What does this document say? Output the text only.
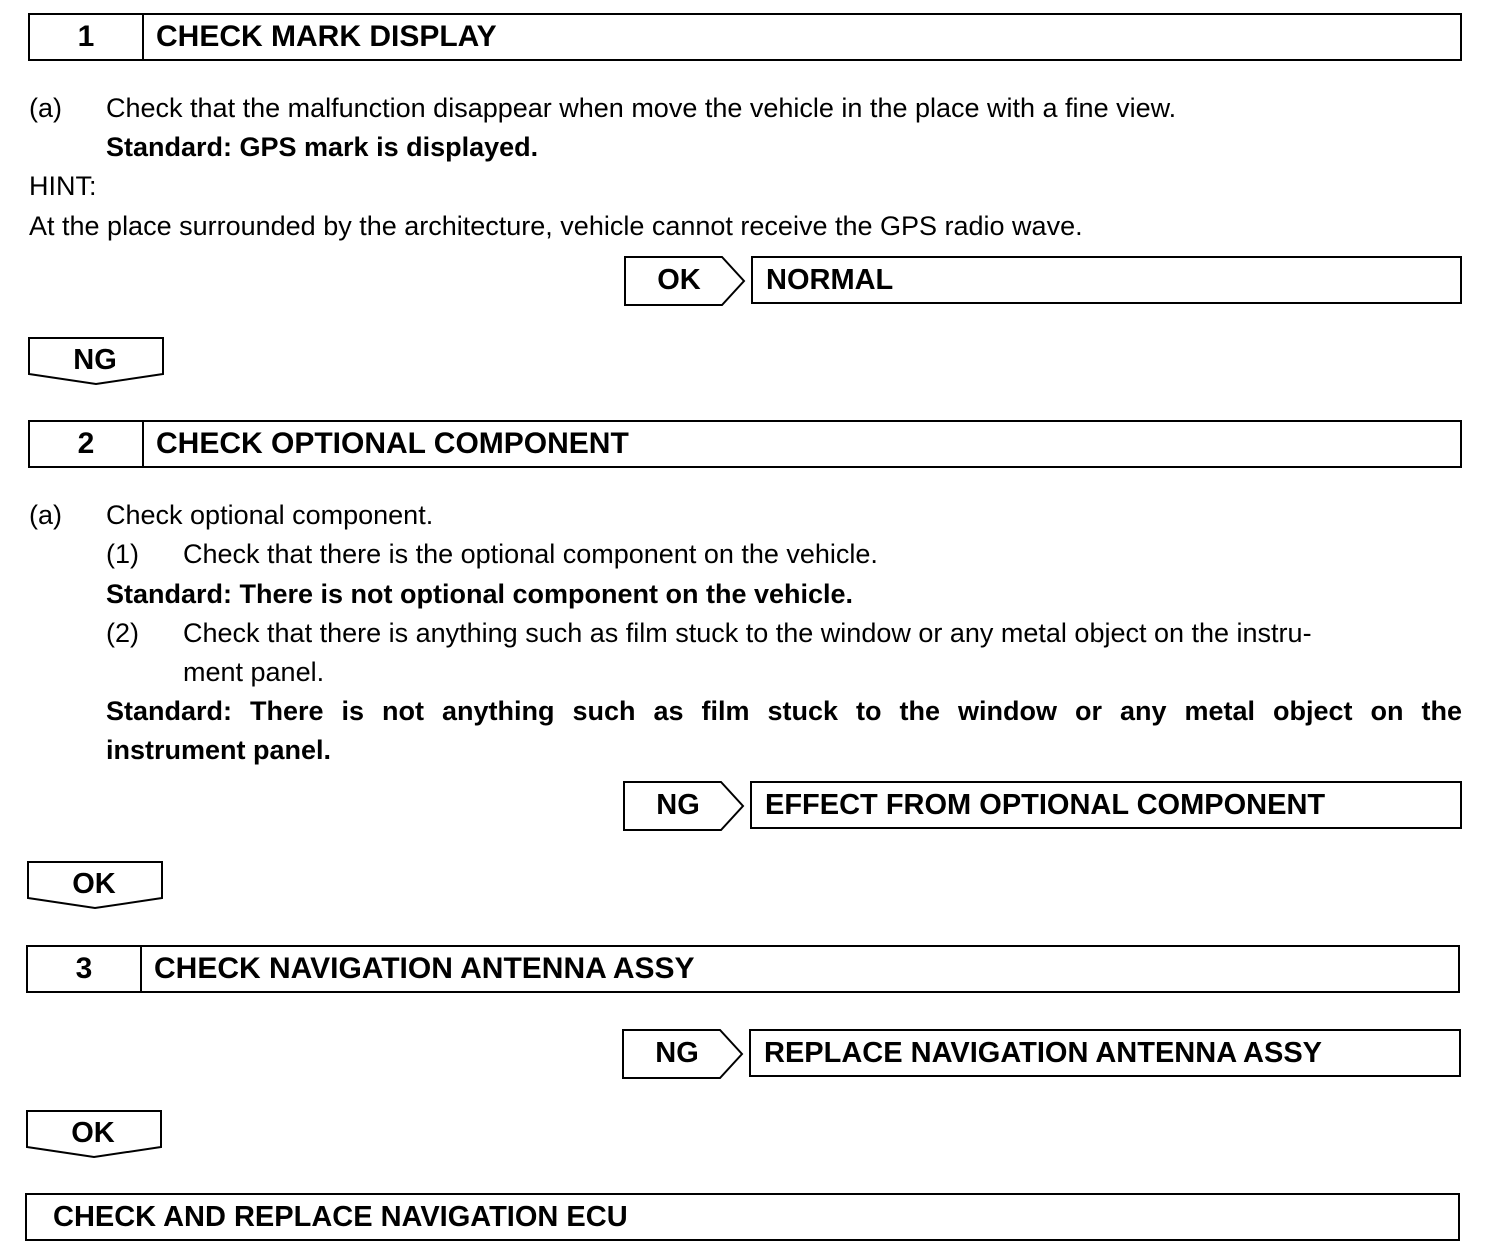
1	CHECK MARK DISPLAY
(a) Check that the malfunction disappear when move the vehicle in the place with a fine view.
Standard: GPS mark is displayed.
HINT:
At the place surrounded by the architecture, vehicle cannot receive the GPS radio wave.
OK	NORMAL
NG
2	CHECK OPTIONAL COMPONENT
(a) Check optional component.
(1) Check that there is the optional component on the vehicle.
Standard: There is not optional component on the vehicle.
(2) Check that there is anything such as film stuck to the window or any metal object on the instru-
ment panel.
Standard: There is not anything such as film stuck to the window or any metal object on the
instrument panel.
NG	EFFECT FROM OPTIONAL COMPONENT
OK
3	CHECK NAVIGATION ANTENNA ASSY
NG	REPLACE NAVIGATION ANTENNA ASSY
OK
CHECK AND REPLACE NAVIGATION ECU
